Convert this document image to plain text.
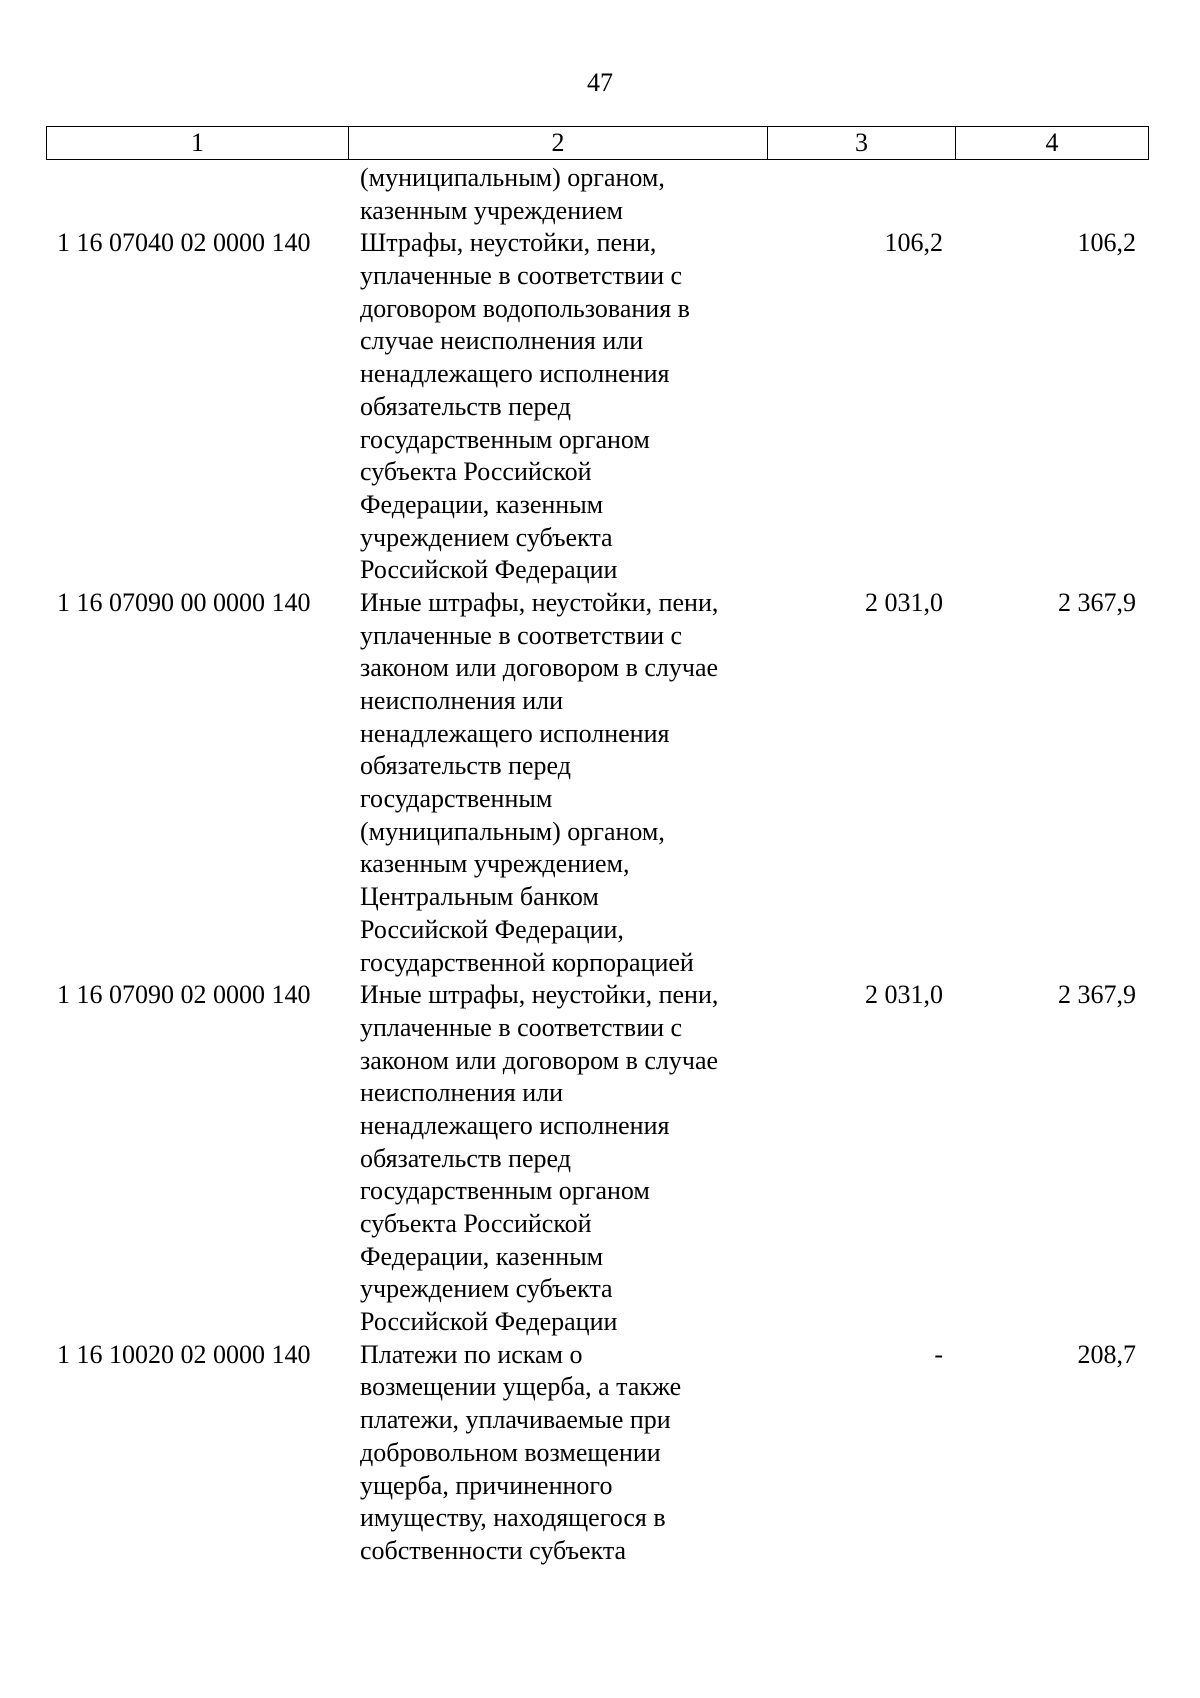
47
1	2	3	4
(муниципальным) органом,
казенным учреждением
1 16 07040 02 0000 140 Штрафы, неустойки, пени,	106,2	106,2
уплаченные в соответствии с
договором водопользования в
случае неисполнения или
ненадлежащего исполнения
обязательств перед
государственным органом
субъекта Российской
Федерации, казенным
учреждением субъекта
Российской Федерации
1 16 07090 00 0000 140 Иные штрафы, неустойки, пени,	2 031,0	2 367,9
уплаченные в соответствии с
законом или договором в случае
неисполнения или
ненадлежащего исполнения
обязательств перед
государственным
(муниципальным) органом,
казенным учреждением,
Центральным банком
Российской Федерации,
государственной корпорацией
1 16 07090 02 0000 140 Иные штрафы, неустойки, пени,	2 031,0	2 367,9
уплаченные в соответствии с
законом или договором в случае
неисполнения или
ненадлежащего исполнения
обязательств перед
государственным органом
субъекта Российской
Федерации, казенным
учреждением субъекта
Российской Федерации
1 16 10020 02 0000 140 Платежи по искам о	-	208,7
возмещении ущерба, а также
платежи, уплачиваемые при
добровольном возмещении
ущерба, причиненного
имуществу, находящегося в
собственности субъекта
